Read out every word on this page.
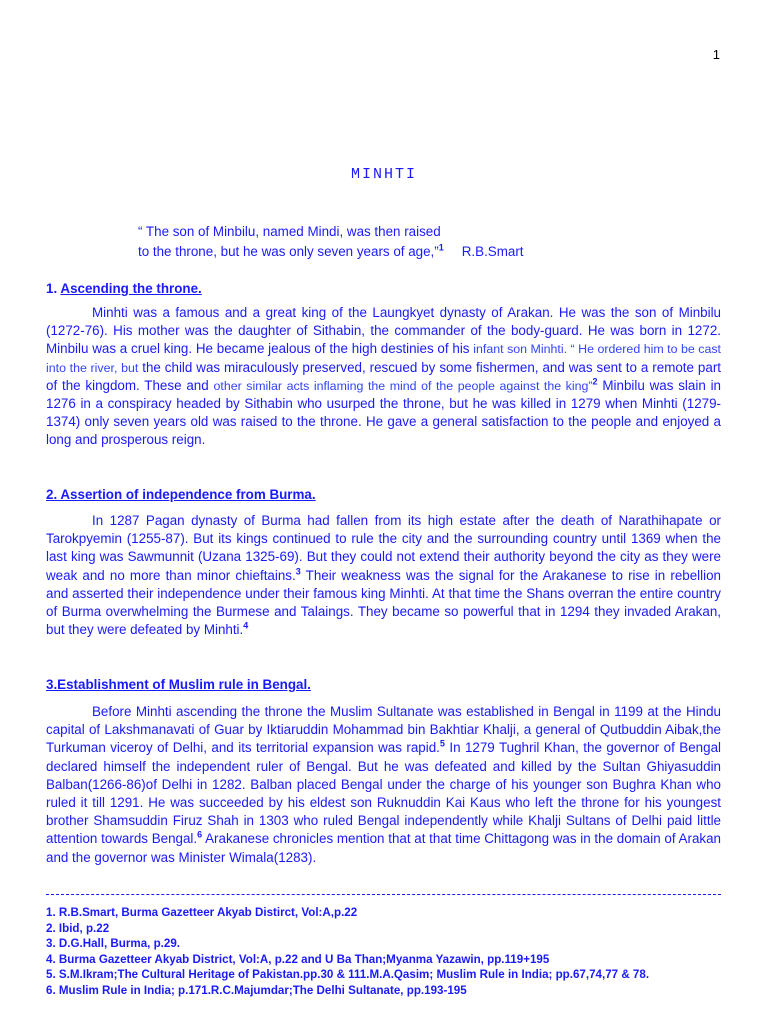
1
MINHTI
“ The son of Minbilu, named Mindi, was then raised
to the throne, but he was only seven years of age,”$^1$ R.B.Smart
1. Ascending the throne.

Minhti was a famous and a great king of the Laungkyet dynasty of Arakan. He was the son of Minbilu (1272-76). His mother was the daughter of Sithabin, the commander of the body-guard. He was born in 1272. Minbilu was a cruel king. He became jealous of the high destinies of his infant son Minhti. “ He ordered him to be cast into the river, but the child was miraculously preserved, rescued by some fishermen, and was sent to a remote part of the kingdom. These and other similar acts inflaming the mind of the people against the king”$^2$ Minbilu was slain in 1276 in a conspiracy headed by Sithabin who usurped the throne, but he was killed in 1279 when Minhti (1279-1374) only seven years old was raised to the throne. He gave a general satisfaction to the people and enjoyed a long and prosperous reign.

2. Assertion of independence from Burma.

In 1287 Pagan dynasty of Burma had fallen from its high estate after the death of Narathihapate or Tarokpyemin (1255-87). But its kings continued to rule the city and the surrounding country until 1369 when the last king was Sawmunnit (Uzana 1325-69). But they could not extend their authority beyond the city as they were weak and no more than minor chieftains.$^3$ Their weakness was the signal for the Arakanese to rise in rebellion and asserted their independence under their famous king Minhti. At that time the Shans overran the entire country of Burma overwhelming the Burmese and Talaings. They became so powerful that in 1294 they invaded Arakan, but they were defeated by Minhti.$^4$

3.Establishment of Muslim rule in Bengal.

Before Minhti ascending the throne the Muslim Sultanate was established in Bengal in 1199 at the Hindu capital of Lakshmanavati of Guar by Iktiaruddin Mohammad bin Bakhtiar Khalji, a general of Qutbuddin Aibak,the Turkuman viceroy of Delhi, and its territorial expansion was rapid.$^5$ In 1279 Tughril Khan, the governor of Bengal declared himself the independent ruler of Bengal. But he was defeated and killed by the Sultan Ghiyasuddin Balban(1266-86)of Delhi in 1282. Balban placed Bengal under the charge of his younger son Bughra Khan who ruled it till 1291. He was succeeded by his eldest son Ruknuddin Kai Kaus who left the throne for his youngest brother Shamsuddin Firuz Shah in 1303 who ruled Bengal independently while Khalji Sultans of Delhi paid little attention towards Bengal.$^6$ Arakanese chronicles mention that at that time Chittagong was in the domain of Arakan and the governor was Minister Wimala(1283).

1. R.B.Smart, Burma Gazetteer Akyab Distirct, Vol:A,p.22
2. Ibid, p.22
3. D.G.Hall, Burma, p.29.
4. Burma Gazetteer Akyab District, Vol:A, p.22 and U Ba Than;Myanma Yazawin, pp.119+195
5. S.M.Ikram;The Cultural Heritage of Pakistan.pp.30 & 111.M.A.Qasim; Muslim Rule in India; pp.67,74,77 & 78.
6. Muslim Rule in India; p.171.R.C.Majumdar;The Delhi Sultanate, pp.193-195
